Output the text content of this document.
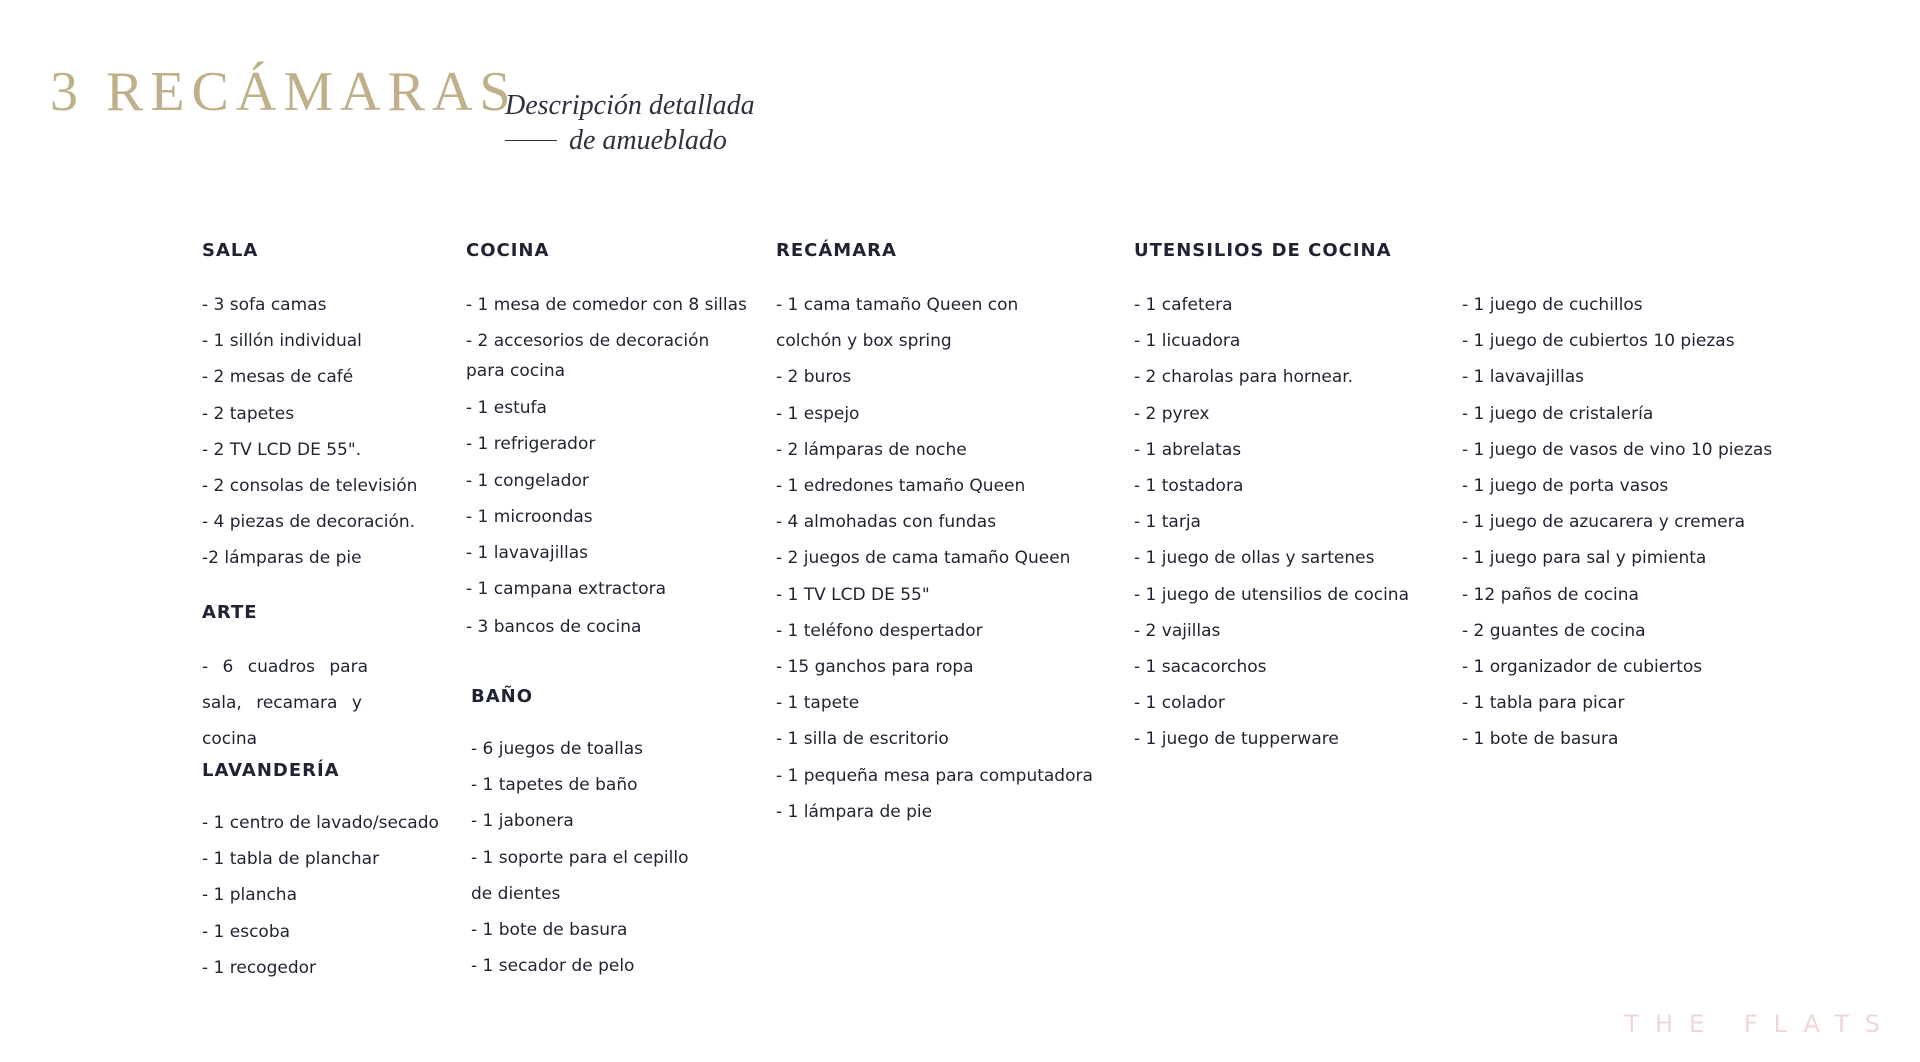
3 RECÁMARAS
Descripción detallada
de amueblado
SALA
- 3 sofa camas
- 1 sillón individual
- 2 mesas de café
- 2 tapetes
- 2 TV LCD DE 55".
- 2 consolas de televisión
- 4 piezas de decoración.
-2 lámparas de pie
ARTE
- 6 cuadros para sala, recamara y cocina
LAVANDERÍA
- 1 centro de lavado/secado
- 1 tabla de planchar
- 1 plancha
- 1 escoba
- 1 recogedor
COCINA
- 1 mesa de comedor con 8 sillas
- 2 accesorios de decoración para cocina
- 1 estufa
- 1 refrigerador
- 1 congelador
- 1 microondas
- 1 lavavajillas
- 1 campana extractora
- 3 bancos de cocina
BAÑO
- 6 juegos de toallas
- 1 tapetes de baño
- 1 jabonera
- 1 soporte para el cepillo de dientes
- 1 bote de basura
- 1 secador de pelo
RECÁMARA
- 1 cama tamaño Queen con colchón y box spring
- 2 buros
- 1 espejo
- 2 lámparas de noche
- 1 edredones tamaño Queen
- 4 almohadas con fundas
- 2 juegos de cama tamaño Queen
- 1 TV LCD DE 55"
- 1 teléfono despertador
- 15 ganchos para ropa
- 1 tapete
- 1 silla de escritorio
- 1 pequeña mesa para computadora
- 1 lámpara de pie
UTENSILIOS DE COCINA
- 1 cafetera
- 1 licuadora
- 2 charolas para hornear.
- 2 pyrex
- 1 abrelatas
- 1 tostadora
- 1 tarja
- 1 juego de ollas y sartenes
- 1 juego de utensilios de cocina
- 2 vajillas
- 1 sacacorchos
- 1 colador
- 1 juego de tupperware
- 1 juego de cuchillos
- 1 juego de cubiertos 10 piezas
- 1 lavavajillas
- 1 juego de cristalería
- 1 juego de vasos de vino 10 piezas
- 1 juego de porta vasos
- 1 juego de azucarera y cremera
- 1 juego para sal y pimienta
- 12 paños de cocina
- 2 guantes de cocina
- 1 organizador de cubiertos
- 1 tabla para picar
- 1 bote de basura
THE FLATS
